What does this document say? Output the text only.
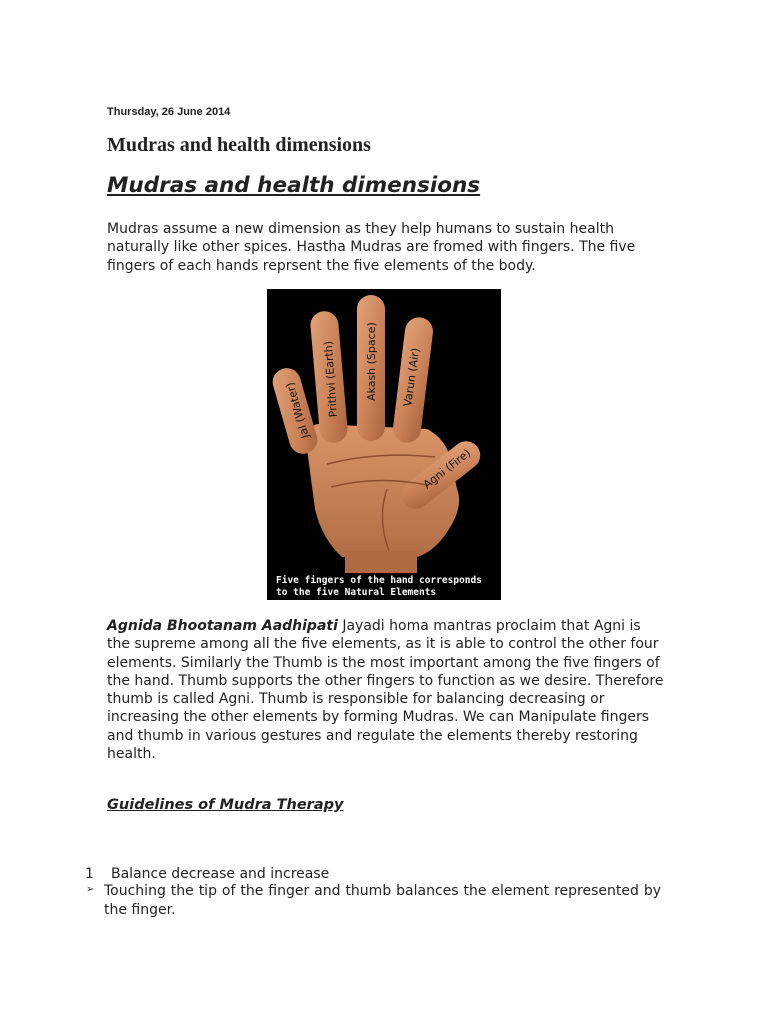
Thursday, 26 June 2014
Mudras and health dimensions
Mudras and health dimensions
Mudras assume a new dimension as they help humans to sustain health naturally like other spices. Hastha Mudras are fromed with fingers. The five fingers of each hands reprsent the five elements of the body.
Jal (Water) Prithvi (Earth) Akash (Space) Varun (Air)
Agni (Fire)
Five fingers of the hand corresponds
to the five Natural Elements
Agnida Bhootanam Aadhipati Jayadi homa mantras proclaim that Agni is the supreme among all the five elements, as it is able to control the other four elements. Similarly the Thumb is the most important among the five fingers of the hand. Thumb supports the other fingers to function as we desire. Therefore thumb is called Agni. Thumb is responsible for balancing decreasing or increasing the other elements by forming Mudras. We can Manipulate fingers and thumb in various gestures and regulate the elements thereby restoring health.
Guidelines of Mudra Therapy
1 Balance decrease and increase
➢ Touching the tip of the finger and thumb balances the element represented by the finger.
